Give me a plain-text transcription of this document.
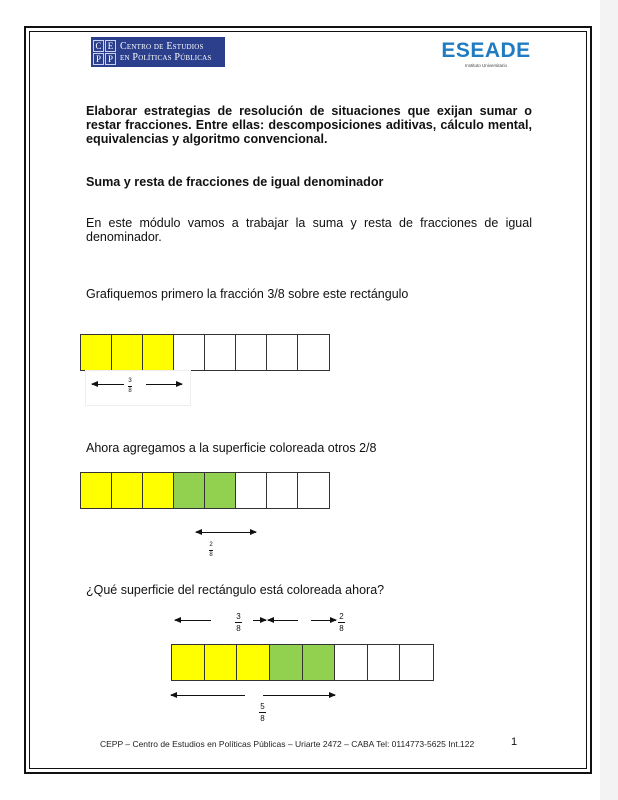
C E
P P
Centro de Estudios
en Políticas Públicas	ESEADE
Instituto Universitario
Elaborar estrategias de resolución de situaciones que exijan sumar o restar fracciones. Entre ellas: descomposiciones aditivas, cálculo mental, equivalencias y algoritmo convencional.
Suma y resta de fracciones de igual denominador
En este módulo vamos a trabajar la suma y resta de fracciones de igual denominador.
Grafiquemos primero la fracción 3/8 sobre este rectángulo
3
8
Ahora agregamos a la superficie coloreada otros 2/8
2
8
¿Qué superficie del rectángulo está coloreada ahora?
3
8
2
8
5
8
CEPP – Centro de Estudios en Políticas Públicas – Uriarte 2472 – CABA Tel: 0114773-5625 Int.122	1
